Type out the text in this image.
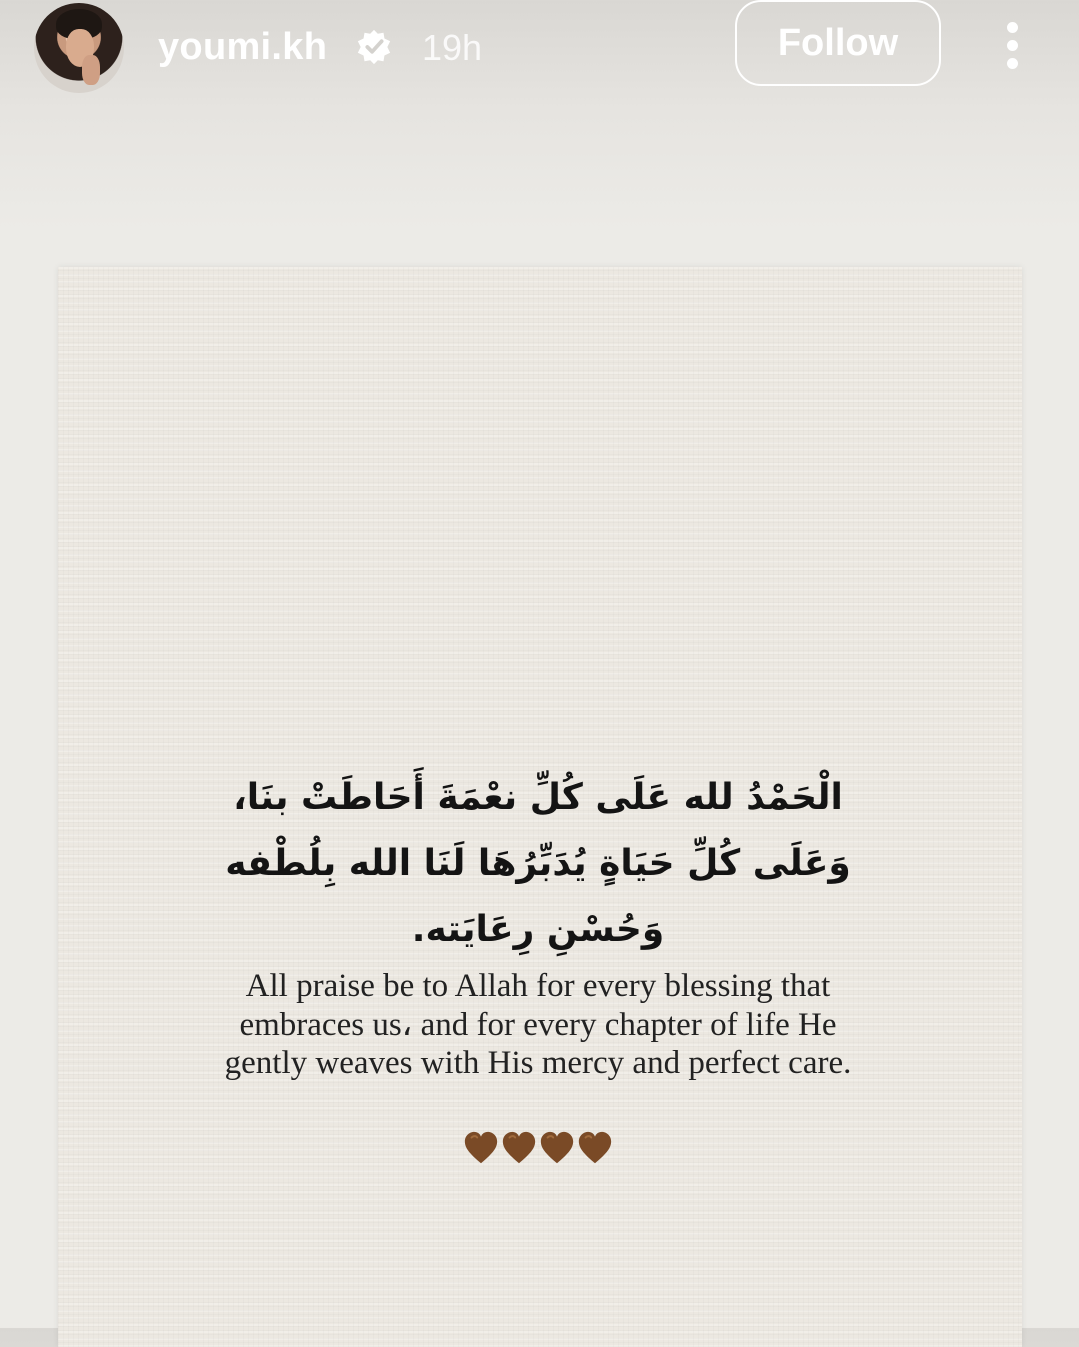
youmi.kh	19h	Follow
الْحَمْدُ لله عَلَى كُلِّ نعْمَةَ أَحَاطَتْ بنَا، وَعَلَى كُلِّ حَيَاةٍ يُدَبِّرُهَا لَنَا الله بِلُطْفه وَحُسْنِ رِعَايَته.
All praise be to Allah for every blessing that embraces us، and for every chapter of life He gently weaves with His mercy and perfect care.
